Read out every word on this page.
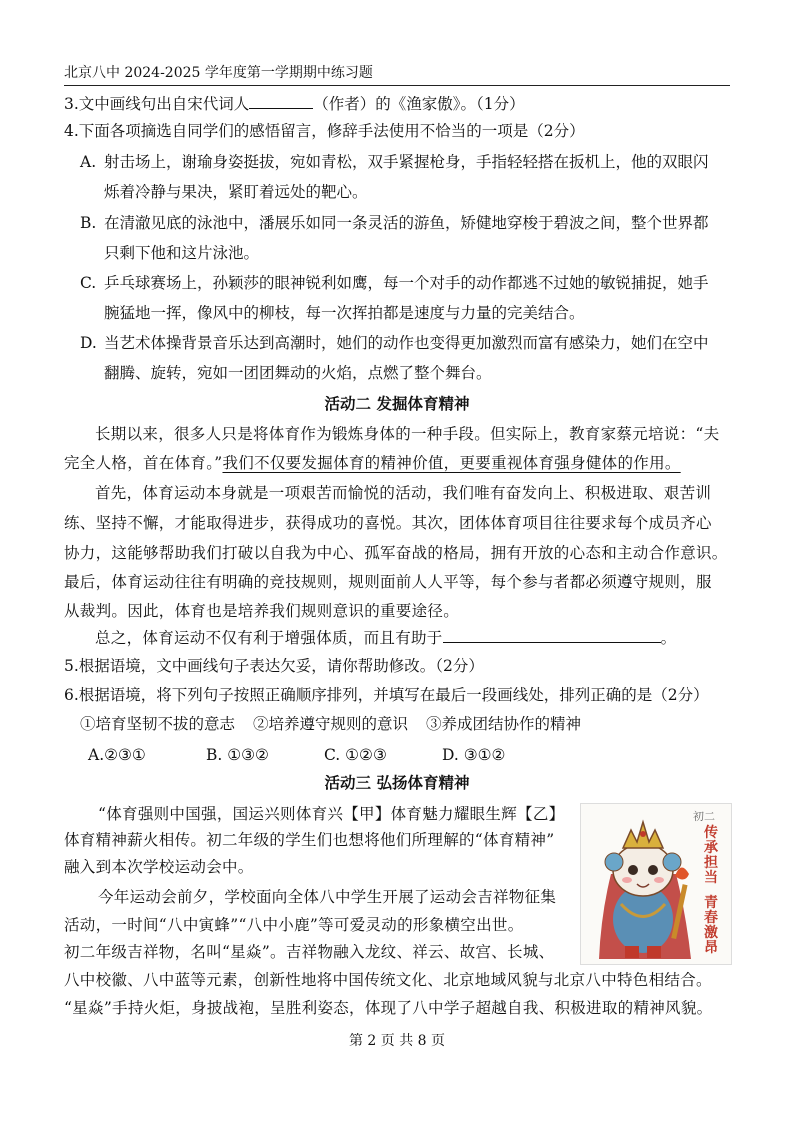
北京八中 2024-2025 学年度第一学期期中练习题
3.文中画线句出自宋代词人	（作者）的《渔家傲》。（1分）
4.下面各项摘选自同学们的感悟留言，修辞手法使用不恰当的一项是（2分）
A. 射击场上，谢瑜身姿挺拔，宛如青松，双手紧握枪身，手指轻轻搭在扳机上，他的双眼闪
烁着冷静与果决，紧盯着远处的靶心。
B. 在清澈见底的泳池中，潘展乐如同一条灵活的游鱼，矫健地穿梭于碧波之间，整个世界都
只剩下他和这片泳池。
C. 乒乓球赛场上，孙颖莎的眼神锐利如鹰，每一个对手的动作都逃不过她的敏锐捕捉，她手
腕猛地一挥，像风中的柳枝，每一次挥拍都是速度与力量的完美结合。
D. 当艺术体操背景音乐达到高潮时，她们的动作也变得更加激烈而富有感染力，她们在空中
翻腾、旋转，宛如一团团舞动的火焰，点燃了整个舞台。
活动二 发掘体育精神
长期以来，很多人只是将体育作为锻炼身体的一种手段。但实际上，教育家蔡元培说：“夫
完全人格，首在体育。”我们不仅要发掘体育的精神价值，更要重视体育强身健体的作用。
首先，体育运动本身就是一项艰苦而愉悦的活动，我们唯有奋发向上、积极进取、艰苦训
练、坚持不懈，才能取得进步，获得成功的喜悦。其次，团体体育项目往往要求每个成员齐心
协力，这能够帮助我们打破以自我为中心、孤军奋战的格局，拥有开放的心态和主动合作意识。
最后，体育运动往往有明确的竞技规则，规则面前人人平等，每个参与者都必须遵守规则，服
从裁判。因此，体育也是培养我们规则意识的重要途径。
总之，体育运动不仅有利于增强体质，而且有助于	。
5.根据语境，文中画线句子表达欠妥，请你帮助修改。（2分）
6.根据语境，将下列句子按照正确顺序排列，并填写在最后一段画线处，排列正确的是（2分）
①培育坚韧不拔的意志 ②培养遵守规则的意识 ③养成团结协作的精神
A.②③①	B. ①③②	C. ①②③	D. ③①②
活动三 弘扬体育精神
“体育强则中国强，国运兴则体育兴【甲】体育魅力耀眼生辉【乙】
体育精神薪火相传。初二年级的学生们也想将他们所理解的“体育精神”
融入到本次学校运动会中。
今年运动会前夕，学校面向全体八中学生开展了运动会吉祥物征集
活动，一时间“八中寅蜂”“八中小鹿”等可爱灵动的形象横空出世。
初二年级吉祥物，名叫“星焱”。吉祥物融入龙纹、祥云、故宫、长城、
八中校徽、八中蓝等元素，创新性地将中国传统文化、北京地域风貌与北京八中特色相结合。
“星焱”手持火炬，身披战袍，呈胜利姿态，体现了八中学子超越自我、积极进取的精神风貌。
初二
传承担当
青春激昂
第 2 页 共 8 页
